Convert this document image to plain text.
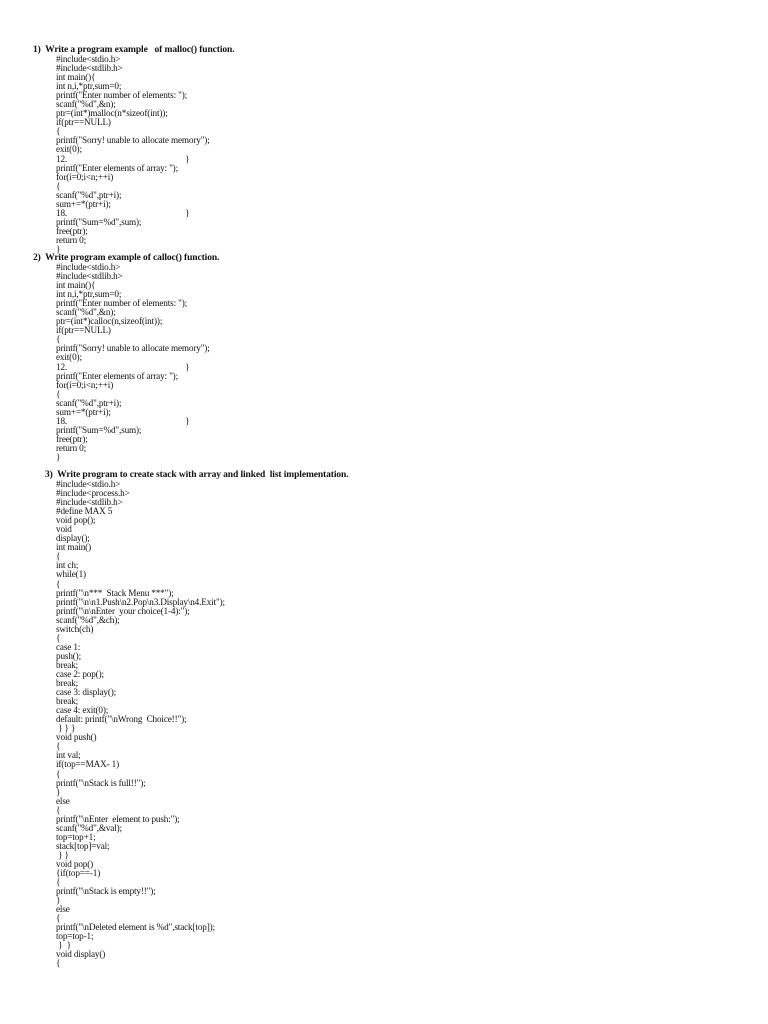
1)  Write a program example   of malloc() function.
#include<stdio.h>
#include<stdlib.h>
int main(){
int n,i,*ptr,sum=0;
printf("Enter number of elements: ");
scanf("%d",&n);
ptr=(int*)malloc(n*sizeof(int));
if(ptr==NULL)
{
printf("Sorry! unable to allocate memory");
exit(0);
12.                                                       }
printf("Enter elements of array: ");
for(i=0;i<n;++i)
{
scanf("%d",ptr+i);
sum+=*(ptr+i);
18.                                                       }
printf("Sum=%d",sum);
free(ptr);
return 0;
}
2)  Write program example of calloc() function.
#include<stdio.h>
#include<stdlib.h>
int main(){
int n,i,*ptr,sum=0;
printf("Enter number of elements: ");
scanf("%d",&n);
ptr=(int*)calloc(n,sizeof(int));
if(ptr==NULL)
{
printf("Sorry! unable to allocate memory");
exit(0);
12.                                                       }
printf("Enter elements of array: ");
for(i=0;i<n;++i)
{
scanf("%d",ptr+i);
sum+=*(ptr+i);
18.                                                       }
printf("Sum=%d",sum);
free(ptr);
return 0;
}
3)  Write program to create stack with array and linked  list implementation.
#include<stdio.h>
#include<process.h>
#include<stdlib.h>
#define MAX 5
void pop();
void
display();
int main()
{
int ch;
while(1)
{
printf("\n***  Stack Menu ***");
printf("\n\n1.Push\n2.Pop\n3.Display\n4.Exit");
printf("\n\nEnter  your choice(1-4):");
scanf("%d",&ch);
switch(ch)
{
case 1:
push();
break;
case 2: pop();
break;
case 3: display();
break;
case 4: exit(0);
default: printf("\nWrong  Choice!!");
} } }
void push()
{
int val;
if(top==MAX- 1)
{
printf("\nStack is full!!");
}
else
{
printf("\nEnter  element to push:");
scanf("%d",&val);
top=top+1;
stack[top]=val;
} }
void pop()
{if(top==-1)
{
printf("\nStack is empty!!");
}
else
{
printf("\nDeleted element is %d",stack[top]);
top=top-1;
}  }
void display()
{
